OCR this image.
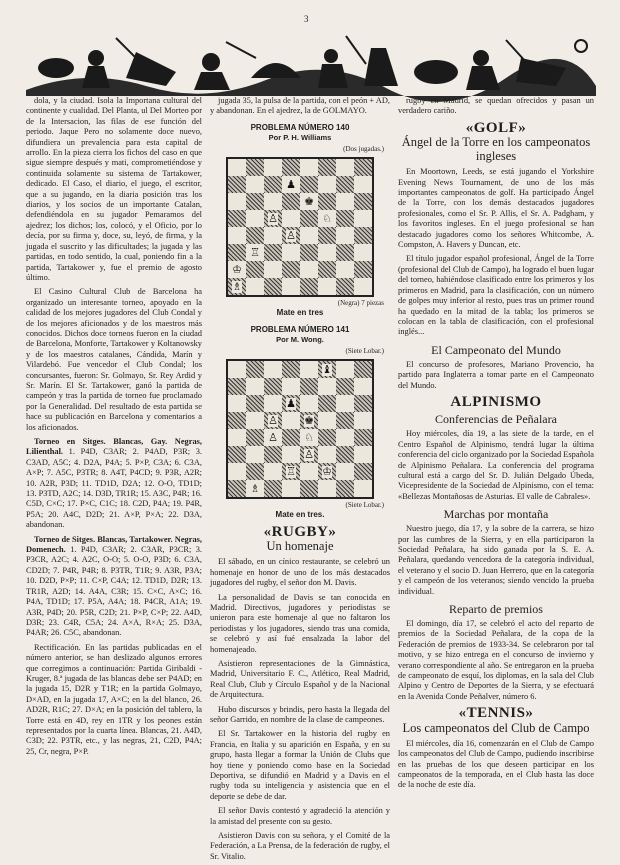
3

dola, y la ciudad. Isola la Importana cultural del continente y cualidad. Del Planta, ul Del Morteo por de la Intersacion, las filas de ese función del periodo. Jaque Pero no solamente doce nuevo, difundiera un prevalencia para esta capital de arrollo. En la pieza cierra los fichos del caso en que sigue siempre después y mati, comprometiéndose y continuida solamente su sistema de Tartakower, dedicado. El Caso, el diario, el juego, el escritor, que a su jugando, en la diaria posición tras los diarios, y los socios de un importante Catalan, defendiéndola en su jugador Pemaramos del ajedrez; los dichos; los, colocó, y el Oficio, por lo decía, por su firma y, doce, su, leyó, de firma, y la jugada el suscrito y las dificultades; la jugada y las partidas, en todo sentido, la cual, poniendo fin a la partida, Tartakower y, fue el premio de agosto último.

El Casino Cultural Club de Barcelona ha organizado un interesante torneo, apoyado en la calidad de los mejores jugadores del Club Condal y de los mejores aficionados y de los maestros más conocidos. Dichos doce torneos fueron en la ciudad de Barcelona, Monforte, Tartakower y Koltanowsky y de los maestros catalanes, Cándida, Marín y Vilardebó. Fue vencedor el Club Condal; los concursantes, fueron: Sr. Golmayo, Sr. Rey Ardid y Sr. Marín. El Sr. Tartakower, ganó la partida de campeón y tras la partida de torneo fue proclamado por la Generalidad. Del resultado de esta partida se hace su publicación en Barcelona y comentarios a los aficionados.

Torneo en Sitges. Blancas, Gay. Negras, Lilienthal. 1. P4D, C3AR; 2. P4AD, P3R; 3. C3AD, A5C; 4. D2A, P4A; 5. P×P, C3A; 6. C3A, A×P; 7. A5C, P3TR; 8. A4T, P4CD; 9. P3R, A2R; 10. A2R, P3D; 11. TD1D, D2A; 12. O-O, TD1D; 13. P3TD, A2C; 14. D3D, TR1R; 15. A3C, P4R; 16. C5D, C×C; 17. P×C, C1C; 18. C2D, P4A; 19. P4R, P5A; 20. A4C, D2D; 21. A×P, P×A; 22. D3A, abandonan.

Torneo de Sitges. Blancas, Tartakower. Negras, Domenech. 1. P4D, C3AR; 2. C3AR, P3CR; 3. P3CR, A2C; 4. A2C, O-O; 5. O-O, P3D; 6. C3A, CD2D; 7. P4R, P4R; 8. P3TR, T1R; 9. A3R, P3A; 10. D2D, P×P; 11. C×P, C4A; 12. TD1D, D2R; 13. TR1R, A2D; 14. A4A, C3R; 15. C×C, A×C; 16. P4A, TD1D; 17. P5A, A4A; 18. P4CR, A1A; 19. A3R, P4D; 20. P5R, C2D; 21. P×P, C×P; 22. A4D, D3R; 23. C4R, C5A; 24. A×A, R×A; 25. D3A, P4AR; 26. C5C, abandonan.

Rectificación. En las partidas publicadas en el número anterior, se han deslizado algunos errores que corregimos a continuación: Partida Giribaldi - Kruger, 8.ª jugada de las blancas debe ser P4AD; en la jugada 15, D2R y T1R; en la partida Golmayo, D×AD, en la jugada 17, A×C; en la del blanco, 26. AD2R, R1C; 27. D×A; en la posición del tablero, la Torre está en 4D, rey en 1TR y los peones están representados por la cuarta línea. Blancas, 21. A4D, C3D; 22. P3TR, etc., y las negras, 21, C2D, P4A; 25, Cr, negra, P×P.

jugada 35, la pulsa de la partida, con el peón + AD, y abandonan. En el ajedrez, la de GOLMAYO.

PROBLEMA NÚMERO 140
Por P. H. Williams
(Dos jugadas.)
♟
♚
♙	♘
♙
♖
♔
♗
(Negra) 7 piezas
Mate en tres
PROBLEMA NÚMERO 141
Por M. Wong.
(Siete Lobar.)
♝
♟
♙ ♚
♙ ♘
♙
♖ ♔
♗
(Siete Lobar.)
Mate en tres.
«RUGBY»
Un homenaje

El sábado, en un cínico restaurante, se celebró un homenaje en honor de uno de los más destacados jugadores del rugby, el señor don M. Davis.

La personalidad de Davis se tan conocida en Madrid. Directivos, jugadores y periodistas se unieron para este homenaje al que no faltaron los periodistas y los jugadores, siendo tras una comida, se celebró y así fué ensalzada la labor del homenajeado.

Asistieron representaciones de la Gimnástica, Madrid, Universitario F. C., Atlético, Real Madrid, Real Club, Club y Círculo Español y de la Nacional de Arquitectura.

Hubo discursos y brindis, pero hasta la llegada del señor Garrido, en nombre de la clase de campeones.

El Sr. Tartakower en la historia del rugby en Francia, en Italia y su aparición en España, y en su grupo, hasta llegar a formar la Unión de Clubs que hoy tiene y poniendo como base en la Sociedad Deportiva, se difundió en Madrid y a Davis en el rugby toda su inteligencia y asistencia que en el deporte se debe de dar.

El señor Davis contestó y agradeció la atención y la amistad del presente con su gesto.

Asistieron Davis con su señora, y el Comité de la Federación, a La Prensa, de la federación de rugby, el Sr. Vitalio.

rugby en Madrid, se quedan ofrecidos y pasan un verdadero cariño.

«GOLF»
Ángel de la Torre en los campeonatos ingleses

En Moortown, Leeds, se está jugando el Yorkshire Evening News Tournament, de uno de los más importantes campeonatos de golf. Ha participado Ángel de la Torre, con los demás destacados jugadores profesionales, como el Sr. P. Allis, el Sr. A. Padgham, y los favoritos ingleses. En el juego profesional se han destacado jugadores como los señores Whitcombe, A. Compston, A. Havers y Duncan, etc.

El título jugador español profesional, Ángel de la Torre (profesional del Club de Campo), ha logrado el buen lugar del torneo, habiéndose clasificado entre los primeros y los primeros en Madrid, para la clasificación, con un número de golpes muy inferior al resto, pues tras un primer round ha quedado en la mitad de la tabla; los primeros se colocan en la tabla de clasificación, con el profesional inglés...

El Campeonato del Mundo

El concurso de profesores, Mariano Provencio, ha partido para Inglaterra a tomar parte en el Campeonato del Mundo.

ALPINISMO
Conferencias de Peñalara

Hoy miércoles, día 19, a las siete de la tarde, en el Centro Español de Alpinismo, tendrá lugar la última conferencia del ciclo organizado por la Sociedad Española de Alpinismo Peñalara. La conferencia del programa cultural está a cargo del Sr. D. Julián Delgado Úbeda, Vicepresidente de la Sociedad de Alpinismo, con el tema: «Bellezas Montañosas de Asturias. El valle de Cabrales».

Marchas por montaña

Nuestro juego, día 17, y la sobre de la carrera, se hizo por las cumbres de la Sierra, y en ella participaron la Sociedad Peñalara, ha sido ganada por la S. E. A. Peñalara, quedando vencedora de la categoría individual, el veterano y el socio D. Juan Herrero, que en la categoría y el campeón de los veteranos; siendo vencido la prueba individual.

Reparto de premios

El domingo, día 17, se celebró el acto del reparto de premios de la Sociedad Peñalara, de la copa de la Federación de premios de 1933-34. Se celebraron por tal motivo, y se hizo entrega en el concurso de invierno y verano correspondiente al año. Se entregaron en la prueba de campeonato de esquí, los diplomas, en la sala del Club Alpino y Centro de Deportes de la Sierra, y se efectuará en la Avenida Conde Peñalver, número 6.

«TENNIS»
Los campeonatos del Club de Campo

El miércoles, día 16, comenzarán en el Club de Campo los campeonatos del Club de Campo, pudiendo inscribirse en las pruebas de los que deseen participar en los campeonatos de la temporada, en el Club hasta las doce de la noche de este día.
